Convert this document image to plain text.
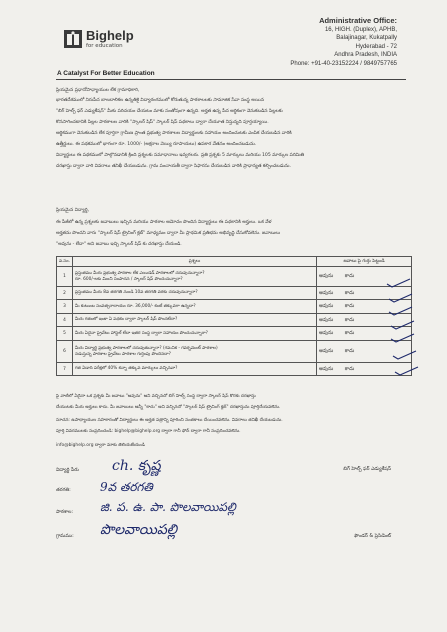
Bighelp
for education
A Catalyst For Better Education
Administrative Office:
16, HIGH. (Duplex), APHB,
Balajinagar, Kukatpally
Hyderabad - 72
Andhra Pradesh, INDIA
Phone: +91-40-23152224 / 9849757765
ప్రియమైన ప్రధానోపాధ్యాయుల లేక గ్రామాధికారి,
భారతదేశములో నిరుపేద బాలబాలికల ఉన్నతికై విద్యారంగములో కోరుతున్న పాఠశాలలకు సామాజిక సేవా సంస్థ అయిన
"బిగ్ హెల్ప్ ఫర్ ఎడ్యుకేషన్" మీకు పరిచయం చేయటం మాకు సంతోషంగా ఉన్నది. అర్హత ఉన్న పేద ఆర్ధికంగా వెనుకబడిన పిల్లలకు
కొనసాగించటానికి పిల్లల పాఠశాలల వారికి "స్కాలర్ షిప్" స్కాలర్ షిప్ పథకాలు ద్వారా చేయూత నిస్తున్నది పూర్తయ్యాయి.
ఆర్థికముగా వెనుకబడిన లేక పూర్తిగా గ్రామీణ ప్రాంత ప్రభుత్వ పాఠశాలల విద్యార్థులకు సహాయం అందించుటకు ఎంపిక చేయబడిన వారికి
ఉత్తీర్ణులు. ఈ పథకములో భాగంగా రూ. 1000/- (అక్షరాల వెయ్యి రూపాయలు) ఉపకార వేతనం అందించబడును.
విద్యార్థులు ఈ పథకములో పాల్గొనడానికి క్రింది ప్రశ్నలకు సమాధానాలు ఇవ్వగలరు. ప్రతి ప్రశ్నకు 5 మార్కులు మరియు 105 మార్కుల పరిమితి
దరఖాస్తు ద్వారా వారి వివరాలు తనిఖీ చేయబడును. గ్రామ పంచాయతీ ద్వారా సిఫారసు చేయబడిన వారికి ప్రాధాన్యత కల్పించబడును.
ప్రియమైన విద్యార్థి,
ఈ పేజీలో ఉన్న ప్రశ్నలకు జవాబులు ఇచ్చిన మరియు పాఠశాల ఆమోదం పొందిన విద్యార్థులు ఈ పథకానికి అర్హులు. ఒక వేళ
అర్హతను పొందని వారు "స్కాలర్ షిప్ ట్రైనింగ్ క్లబ్" మాధ్యమం ద్వారా మీ ప్రాథమిక ప్రతిభను అభివృద్ధి చేసుకోవలెను. జవాబులు
"అవును - లేదా" అని జవాబు ఇచ్చి స్కాలర్ షిప్ కు దరఖాస్తు చేయండి.
వ.సం.	ప్రశ్నలు	జవాబు పై గుర్తు పెట్టండి
1	ప్రస్తుతము మీరు ప్రభుత్వ పాఠశాల లేక ఎయిడెడ్ పాఠశాలలో చదువుచున్నారా?
రూ. 600/-లకు మించి సంపాదన / స్కాలర్ షిప్ పొందుచున్నారా?	అవును కాదు
2	ప్రస్తుతము మీరు 8వ తరగతి నుండి 10వ తరగతి వరకు చదువుచున్నారా?	అవును కాదు
3	మీ కుటుంబ సంవత్సరాదాయం రూ. 36,000/- కంటే తక్కువగా ఉన్నదా?	అవును కాదు
4	మీరు గతంలో ఇంకా ఏ పథకం ద్వారా స్కాలర్ షిప్ పొందలేదా?	అవును కాదు
5	మీరు ఏదైనా ప్రైవేటు హాస్టల్ లేదా ఇతర సంస్థ ద్వారా సహాయం పొందుచున్నారా?	అవును కాదు
6	మీరు విద్యార్థి ప్రభుత్వ పాఠశాలలో చదువుతున్నారా? (గమనిక - గవర్నమెంట్ పాఠశాల)
నడుస్తున్న పాఠశాల ప్రైవేటు పాఠశాల గుర్తింపు పొందినదా?	అవును కాదు
7	గత ఏడాది పరీక్షలో 40% కన్నా తక్కువ మార్కులు వచ్చినవా?	అవును కాదు
పై వాటిలో ఏదైనా ఒక ప్రశ్నకు మీ జవాబు "అవును" అని వచ్చినచో బిగ్ హెల్ప్ సంస్థ ద్వారా స్కాలర్ షిప్ కొరకు దరఖాస్తు
చేయుటకు మీరు అర్హులు కాదు. మీ జవాబులు అన్నీ "కాదు" అని వచ్చినచో "స్కాలర్ షిప్ ట్రైనింగ్ క్లబ్" దరఖాస్తును పూర్తిచేయవలెను.
సూచన: ఉపాధ్యాయుల సహకారంతో విద్యార్థులు ఈ అర్హత పత్రాన్ని పూరించి సంతకాలు చేయించవలెను. వివరాలు తనిఖీ చేయబడును.
పూర్తి వివరములకు సంప్రదించండి: bighelp@bighelp.org ద్వారా గానీ ఫోన్ ద్వారా గానీ సంప్రదించవలెను.
info@bighelp.org ద్వారా మాకు తెలియజేయండి
విద్యార్థి పేరు ch. కృష్ణ
తరగతి: 9వ తరగతి
పాఠశాల: జి. ప. ఉ. పా. పొలవాయిపల్లి
గ్రామము: పొలవాయిపల్లి
బిగ్ హెల్ప్ ఫర్ ఎడ్యుకేషన్
ఫౌండర్ & ప్రెసిడెంట్
